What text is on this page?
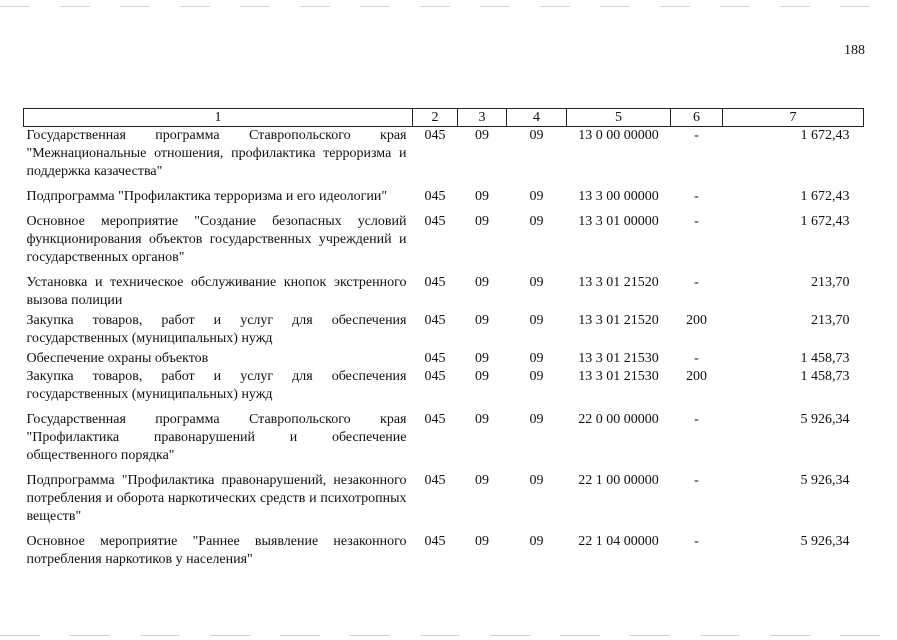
188
1	2	3	4	5	6	7
Государственная программа Ставропольского края "Межнациональные отношения, профилактика терроризма и поддержка казачества"	045	09	09	13 0 00 00000	-	1 672,43
Подпрограмма "Профилактика терроризма и его идеологии"	045	09	09	13 3 00 00000	-	1 672,43
Основное мероприятие "Создание безопасных условий функционирования объектов государственных учреждений и государственных органов"	045	09	09	13 3 01 00000	-	1 672,43
Установка и техническое обслуживание кнопок экстренного вызова полиции	045	09	09	13 3 01 21520	-	213,70
Закупка товаров, работ и услуг для обеспечения государственных (муниципальных) нужд	045	09	09	13 3 01 21520	200	213,70
Обеспечение охраны объектов	045	09	09	13 3 01 21530	-	1 458,73
Закупка товаров, работ и услуг для обеспечения государственных (муниципальных) нужд	045	09	09	13 3 01 21530	200	1 458,73
Государственная программа Ставропольского края "Профилактика правонарушений и обеспечение общественного порядка"	045	09	09	22 0 00 00000	-	5 926,34
Подпрограмма "Профилактика правонарушений, незаконного потребления и оборота наркотических средств и психотропных веществ"	045	09	09	22 1 00 00000	-	5 926,34
Основное мероприятие "Раннее выявление незаконного потребления наркотиков у населения"	045	09	09	22 1 04 00000	-	5 926,34
